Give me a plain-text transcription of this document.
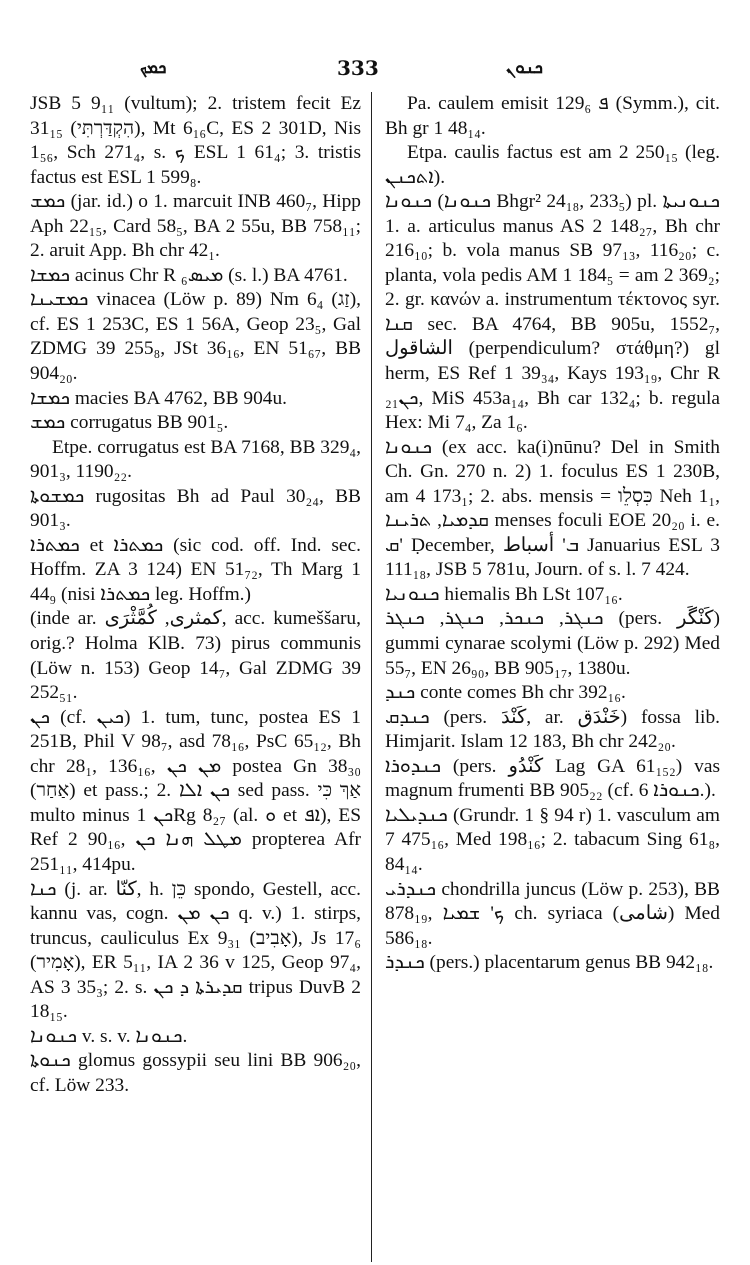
ܟܡܟ	333	ܟܢܘܢ

JSB 5 9₁₁ (vultum); 2. tristem fecit Ez 31₁₅ (הִקְדַּרְתִּי), Mt 6₁₆C, ES 2 301D, Nis 1₅₆, Sch 271₄, s. ܟ ESL 1 61₄; 3. tristis factus est ESL 1 599₈.

ܟܡܫ (jar. id.) o 1. marcuit INB 460₇, Hipp Aph 22₁₅, Card 58₅, BA 2 55u, BB 758₁₁; 2. aruit App. Bh chr 42₁.

ܟܡܫܐ acinus Chr R ܡܝܣ₆ (s. l.) BA 4761.

ܟܡܫܝܢܐ vinacea (Löw p. 89) Nm 6₄ (זַג), cf. ES 1 253C, ES 1 56A, Geop 23₅, Gal ZDMG 39 255₈, JSt 36₁₆, EN 51₆₇, BB 904₂₀.

ܟܡܫܐ macies BA 4762, BB 904u.

ܟܡܫ corrugatus BB 901₅.

Etpe. corrugatus est BA 7168, BB 329₄, 901₃, 1190₂₂.

ܟܡܫܘܬܐ rugositas Bh ad Paul 30₂₄, BB 901₃.

ܟܡܬܪܐ et ܟܡܬܪܐ (sic cod. off. Ind. sec. Hoffm. ZA 3 124) EN 51₇₂, Th Marg 1 44₉ (nisi ܟܡܬܪܐ leg. Hoffm.)

(inde ar. كمثرى, كُمَّثْرَى, acc. kumeššaru, orig.? Holma KlB. 73) pirus communis (Löw n. 153) Geop 14₇, Gal ZDMG 39 252₅₁.

ܟܢ (cf. ܟܝܢ) 1. tum, tunc, postea ES 1 251B, Phil V 98₇, asd 78₁₆, PsC 65₁₂, Bh chr 28₁, 136₁₆, ܡܢ ܟܢ postea Gn 38₃₀ (אַחַר) et pass.; 2. ܟܢ ܐܠܐ sed pass. אַךְ כִּי multo minus ܟܢ 1Rg 8₂₇ (al. ܘ et ܐܦ), ES Ref 2 90₁₆, ܡܛܠ ܗܢܐ ܟܢ propterea Afr 251₁₁, 414pu.

ܟܢܐ (j. ar. كنّا, h. כֵּן spondo, Gestell, acc. kannu vas, cogn. ܟܢ ܡܢ q. v.) 1. stirps, truncus, cauliculus Ex 9₃₁ (אָבִיב), Js 17₆ (אָמִיר), ER 5₁₁, IA 2 36 v 125, Geop 97₄, AS 3 35₃; 2. s. ܩܕܝܪܬܐ ܕ ܟܢ tripus DuvB 2 18₁₅.

ܟܢܘܢܐ v. s. v. ܟܢܘܢܐ.

ܟܢܘܬܐ glomus gossypii seu lini BB 906₂₀, cf. Löw 233.

Pa. caulem emisit ܦ 129₆ (Symm.), cit. Bh gr 1 48₁₄.

Etpa. caulis factus est am 2 250₁₅ (leg. ܐܬܟܢܢ).

ܟܢܘܢܐ (ܟܢܘܢܐ Bhgr² 24₁₈, 233₅) pl. ܟܢܘܢܝܬܐ 1. a. articulus manus AS 2 148₂₇, Bh chr 216₁₀; b. vola manus SB 97₁₃, 116₂₀; c. planta, vola pedis AM 1 184₅ = am 2 369₂; 2. gr. κανών a. instrumentum τέκτονος syr. ܩܢܐ sec. BA 4764, BB 905u, 1552₇, الشاقول (perpendiculum? στάθμη?) gl herm, ES Ref 1 39₃₄, Kays 193₁₉, Chr R ܟܢ₂₁, MiS 453a₁₄, Bh car 132₄; b. regula Hex: Mi 7₄, Za 1₆.

ܟܢܘܢܐ (ex acc. ka(i)nūnu? Del in Smith Ch. Gn. 270 n. 2) 1. foculus ES 1 230B, am 4 173₁; 2. abs. mensis = כִּסְלֵו Neh 1₁, ܩܕܡܝܐ, ܬܪܝܢܐ menses foculi EOE 20₂₀ i. e. ܩ' Ḍecember, ܒ' أسباط Januarius ESL 3 111₁₈, JSB 5 781u, Journ. of s. l. 7 424.

ܟܢܘܢܝܐ hiemalis Bh LSt 107₁₆.

ܟܢܓܪ, ܟܢܟܪ, ܟܢܓܪ, ܟܢܓܪ (pers. كَنْگَر) gummi cynarae scolymi (Löw p. 292) Med 55₇, EN 26₉₀, BB 905₁₇, 1380u.

ܟܢܕ conte comes Bh chr 392₁₆.

ܟܢܕܩ (pers. كَنْدَ, ar. خَنْدَق) fossa lib. Himjarit. Islam 12 183, Bh chr 242₂₀.

ܟܢܕܘܪܐ (pers. كَنْدُو Lag GA 61₁₅₂) vas magnum frumenti BB 905₂₂ (cf. ܟܢܘܪܐ 6.).

ܟܢܕܝܠܝܐ (Grundr. 1 § 94 r) 1. vasculum am 7 475₁₆, Med 198₁₆; 2. tabacum Sing 61₈, 84₁₄.

ܟܢܕܪܝ chondrilla juncus (Löw p. 253), BB 878₁₉, ܟ' ܫܡܝܐ ch. syriaca (شامى) Med 586₁₈.

ܟܢܕܪ (pers.) placentarum genus BB 942₁₈.
